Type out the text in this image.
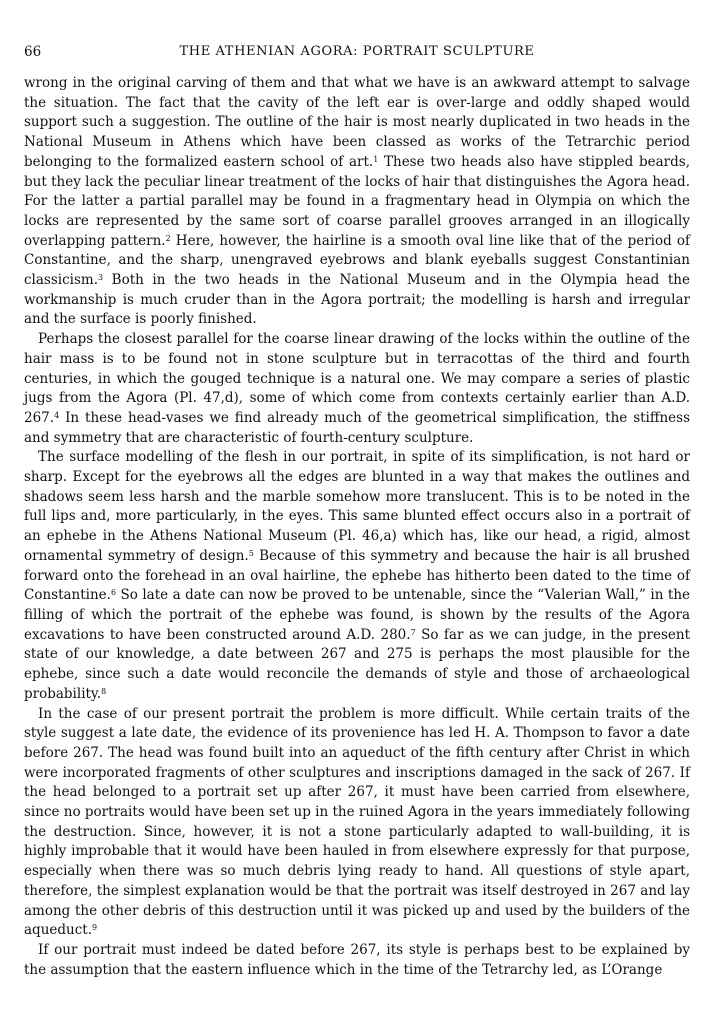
66	THE ATHENIAN AGORA: PORTRAIT SCULPTURE

wrong in the original carving of them and that what we have is an awkward attempt to salvage the situation. The fact that the cavity of the left ear is over-large and oddly shaped would support such a suggestion. The outline of the hair is most nearly duplicated in two heads in the National Museum in Athens which have been classed as works of the Tetrarchic period belonging to the formalized eastern school of art.$^1$ These two heads also have stippled beards, but they lack the peculiar linear treatment of the locks of hair that distinguishes the Agora head. For the latter a partial parallel may be found in a fragmentary head in Olympia on which the locks are represented by the same sort of coarse parallel grooves arranged in an illogically overlapping pattern.$^2$ Here, however, the hairline is a smooth oval line like that of the period of Constantine, and the sharp, unengraved eyebrows and blank eyeballs suggest Constantinian classicism.$^3$ Both in the two heads in the National Museum and in the Olympia head the workmanship is much cruder than in the Agora portrait; the modelling is harsh and irregular and the surface is poorly finished.

Perhaps the closest parallel for the coarse linear drawing of the locks within the outline of the hair mass is to be found not in stone sculpture but in terracottas of the third and fourth centuries, in which the gouged technique is a natural one. We may compare a series of plastic jugs from the Agora (Pl. 47,d), some of which come from contexts certainly earlier than A.D. 267.$^4$ In these head-vases we find already much of the geometrical simplification, the stiffness and symmetry that are characteristic of fourth-century sculpture.

The surface modelling of the flesh in our portrait, in spite of its simplification, is not hard or sharp. Except for the eyebrows all the edges are blunted in a way that makes the outlines and shadows seem less harsh and the marble somehow more translucent. This is to be noted in the full lips and, more particularly, in the eyes. This same blunted effect occurs also in a portrait of an ephebe in the Athens National Museum (Pl. 46,a) which has, like our head, a rigid, almost ornamental symmetry of design.$^5$ Because of this symmetry and because the hair is all brushed forward onto the forehead in an oval hairline, the ephebe has hitherto been dated to the time of Constantine.$^6$ So late a date can now be proved to be untenable, since the “Valerian Wall,” in the filling of which the portrait of the ephebe was found, is shown by the results of the Agora excavations to have been constructed around A.D. 280.$^7$ So far as we can judge, in the present state of our knowledge, a date between 267 and 275 is perhaps the most plausible for the ephebe, since such a date would reconcile the demands of style and those of archaeological probability.$^8$

In the case of our present portrait the problem is more difficult. While certain traits of the style suggest a late date, the evidence of its provenience has led H. A. Thompson to favor a date before 267. The head was found built into an aqueduct of the fifth century after Christ in which were incorporated fragments of other sculptures and inscriptions damaged in the sack of 267. If the head belonged to a portrait set up after 267, it must have been carried from elsewhere, since no portraits would have been set up in the ruined Agora in the years immediately following the destruction. Since, however, it is not a stone particularly adapted to wall-building, it is highly improbable that it would have been hauled in from elsewhere expressly for that purpose, especially when there was so much debris lying ready to hand. All questions of style apart, therefore, the simplest explanation would be that the portrait was itself destroyed in 267 and lay among the other debris of this destruction until it was picked up and used by the builders of the aqueduct.$^9$

If our portrait must indeed be dated before 267, its style is perhaps best to be explained by the assumption that the eastern influence which in the time of the Tetrarchy led, as L’Orange
